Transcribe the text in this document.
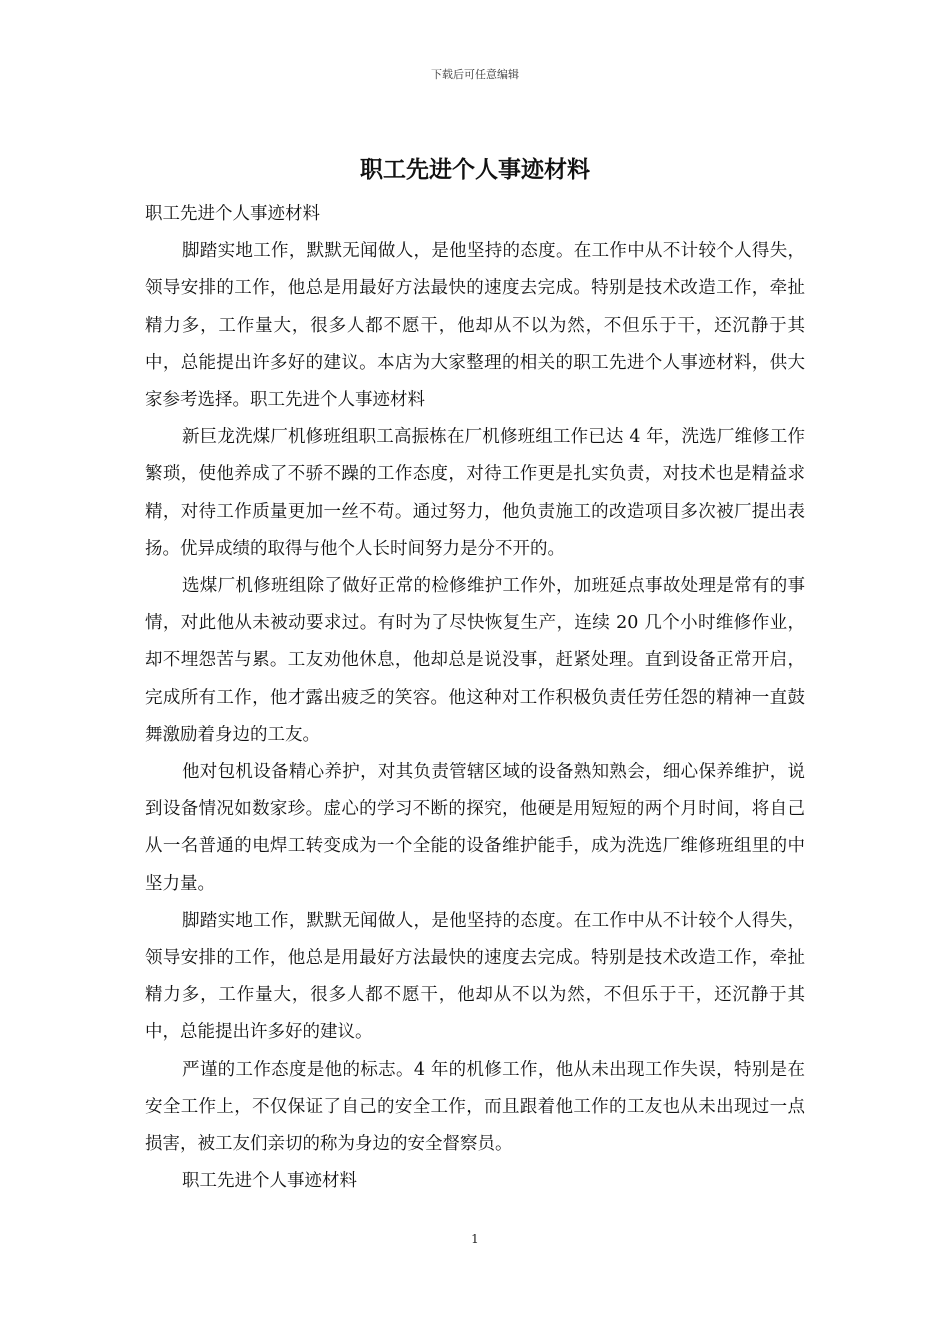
下载后可任意编辑
职工先进个人事迹材料

职工先进个人事迹材料

脚踏实地工作，默默无闻做人，是他坚持的态度。在工作中从不计较个人得失，领导安排的工作，他总是用最好方法最快的速度去完成。特别是技术改造工作，牵扯精力多，工作量大，很多人都不愿干，他却从不以为然，不但乐于干，还沉静于其中，总能提出许多好的建议。本店为大家整理的相关的职工先进个人事迹材料，供大家参考选择。职工先进个人事迹材料

新巨龙洗煤厂机修班组职工高振栋在厂机修班组工作已达 4 年，洗选厂维修工作繁琐，使他养成了不骄不躁的工作态度，对待工作更是扎实负责，对技术也是精益求精，对待工作质量更加一丝不苟。通过努力，他负责施工的改造项目多次被厂提出表扬。优异成绩的取得与他个人长时间努力是分不开的。

选煤厂机修班组除了做好正常的检修维护工作外，加班延点事故处理是常有的事情，对此他从未被动要求过。有时为了尽快恢复生产，连续 20 几个小时维修作业，却不埋怨苦与累。工友劝他休息，他却总是说没事，赶紧处理。直到设备正常开启，完成所有工作，他才露出疲乏的笑容。他这种对工作积极负责任劳任怨的精神一直鼓舞激励着身边的工友。

他对包机设备精心养护，对其负责管辖区域的设备熟知熟会，细心保养维护，说到设备情况如数家珍。虚心的学习不断的探究，他硬是用短短的两个月时间，将自己从一名普通的电焊工转变成为一个全能的设备维护能手，成为洗选厂维修班组里的中坚力量。

脚踏实地工作，默默无闻做人，是他坚持的态度。在工作中从不计较个人得失，领导安排的工作，他总是用最好方法最快的速度去完成。特别是技术改造工作，牵扯精力多，工作量大，很多人都不愿干，他却从不以为然，不但乐于干，还沉静于其中，总能提出许多好的建议。

严谨的工作态度是他的标志。4 年的机修工作，他从未出现工作失误，特别是在安全工作上，不仅保证了自己的安全工作，而且跟着他工作的工友也从未出现过一点损害，被工友们亲切的称为身边的安全督察员。

职工先进个人事迹材料

1
